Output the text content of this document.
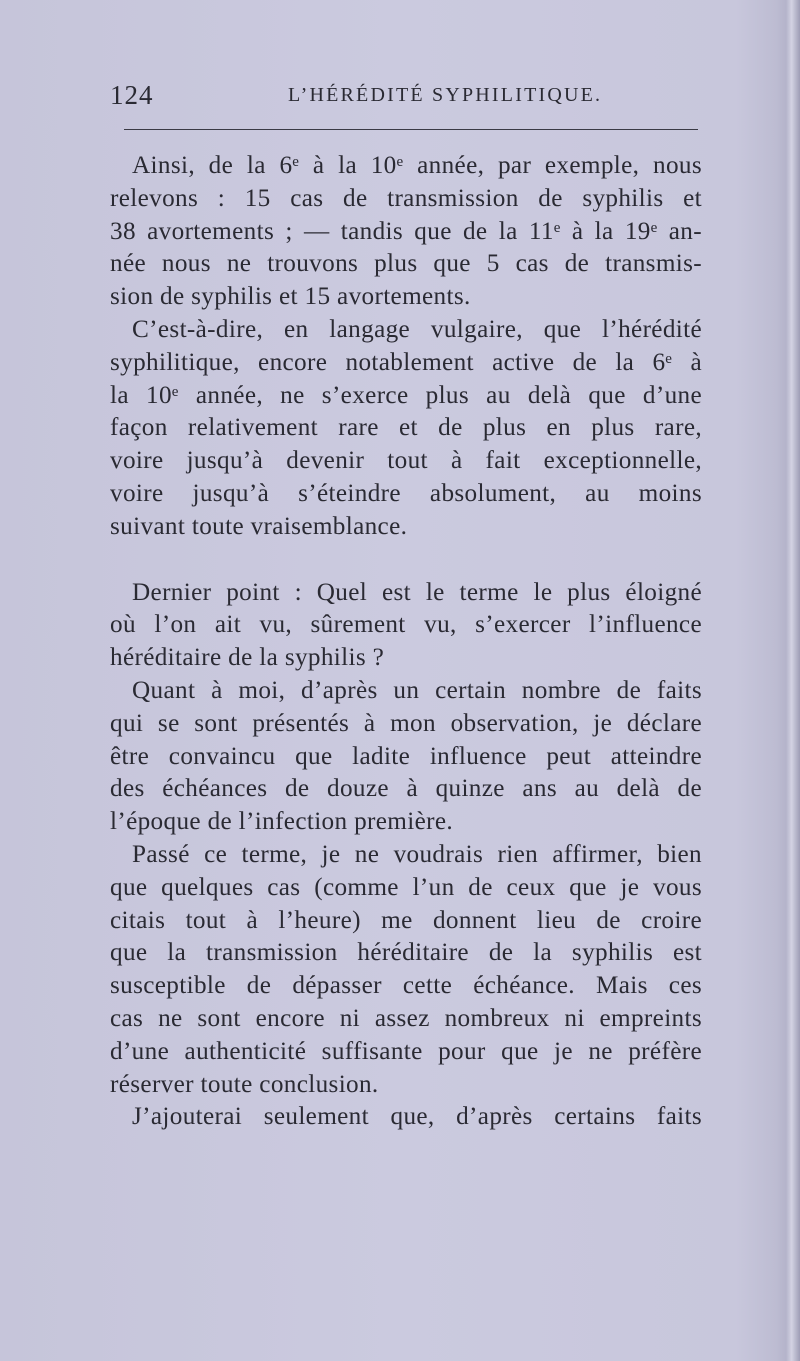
124	L’HÉRÉDITÉ SYPHILITIQUE.
Ainsi, de la 6ᵉ à la 10ᵉ année, par exemple, nous
relevons : 15 cas de transmission de syphilis et
38 avortements ; — tandis que de la 11ᵉ à la 19ᵉ an-
née nous ne trouvons plus que 5 cas de transmis-
sion de syphilis et 15 avortements.
C’est-à-dire, en langage vulgaire, que l’hérédité
syphilitique, encore notablement active de la 6ᵉ à
la 10ᵉ année, ne s’exerce plus au delà que d’une
façon relativement rare et de plus en plus rare,
voire jusqu’à devenir tout à fait exceptionnelle,
voire jusqu’à s’éteindre absolument, au moins
suivant toute vraisemblance.
Dernier point : Quel est le terme le plus éloigné
où l’on ait vu, sûrement vu, s’exercer l’influence
héréditaire de la syphilis ?
Quant à moi, d’après un certain nombre de faits
qui se sont présentés à mon observation, je déclare
être convaincu que ladite influence peut atteindre
des échéances de douze à quinze ans au delà de
l’époque de l’infection première.
Passé ce terme, je ne voudrais rien affirmer, bien
que quelques cas (comme l’un de ceux que je vous
citais tout à l’heure) me donnent lieu de croire
que la transmission héréditaire de la syphilis est
susceptible de dépasser cette échéance. Mais ces
cas ne sont encore ni assez nombreux ni empreints
d’une authenticité suffisante pour que je ne préfère
réserver toute conclusion.
J’ajouterai seulement que, d’après certains faits
